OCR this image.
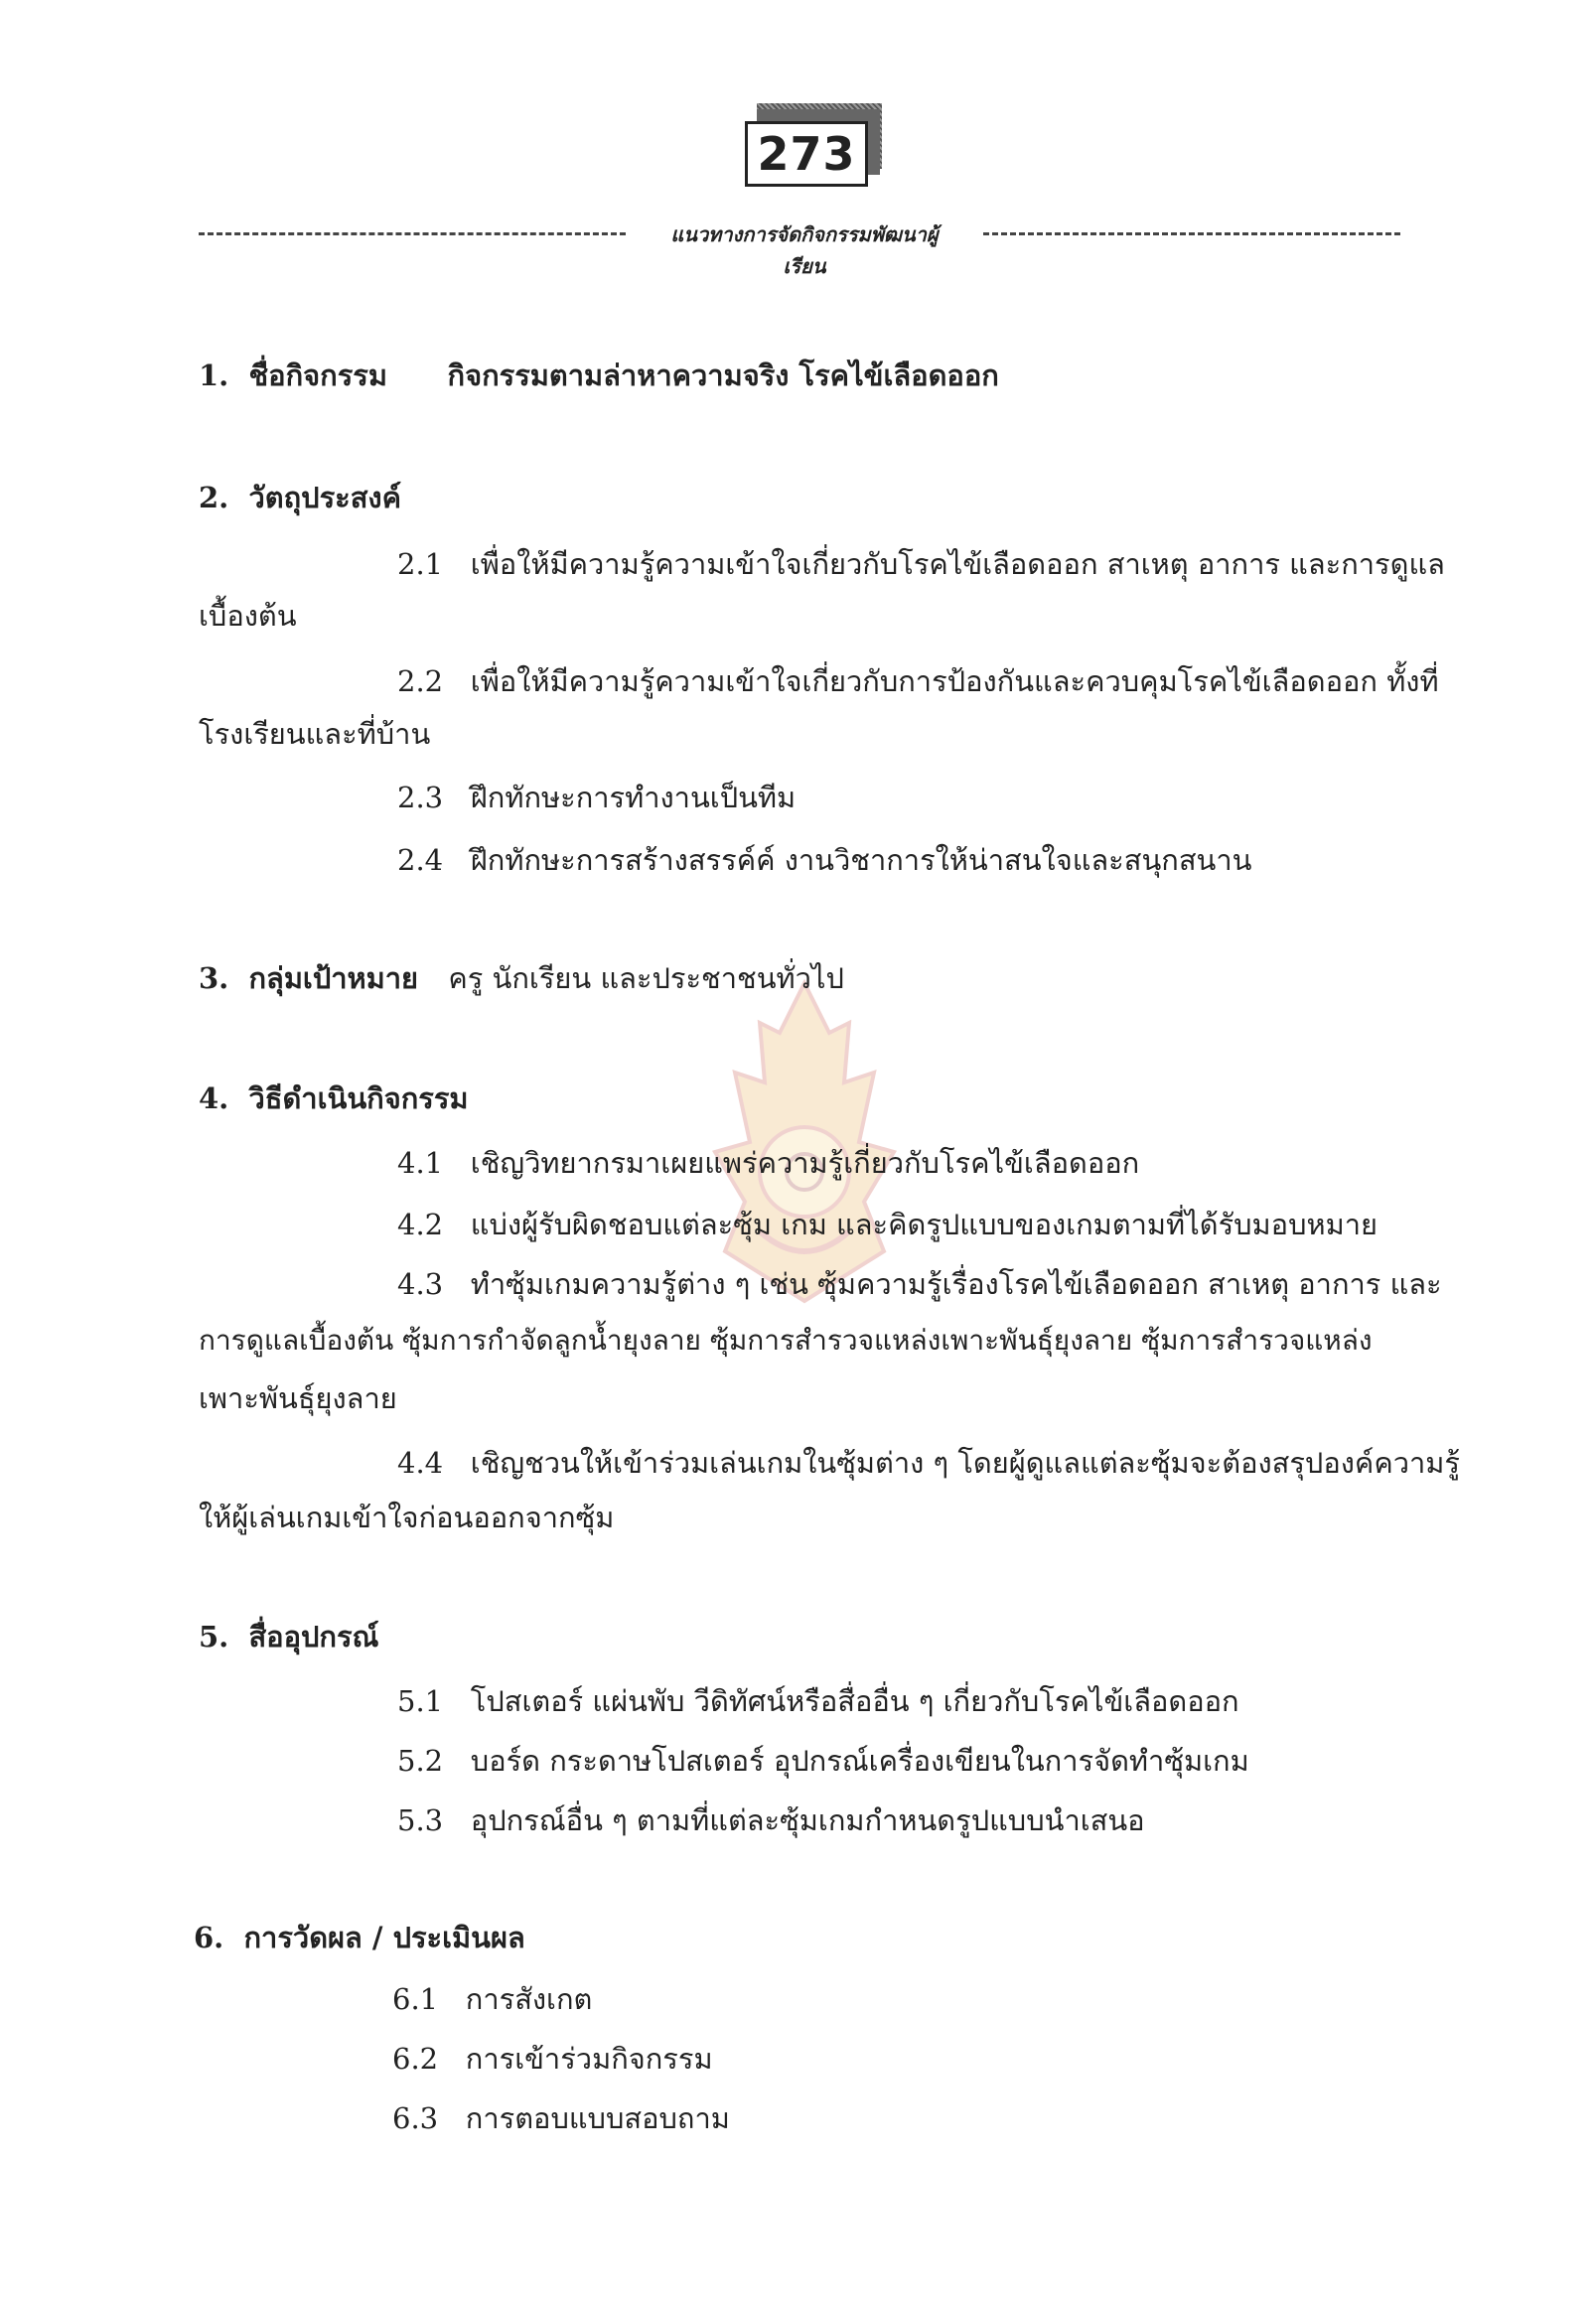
273
แนวทางการจัดกิจกรรมพัฒนาผู้เรียน
1. ชื่อกิจกรรม กิจกรรมตามล่าหาความจริง โรคไข้เลือดออก
2. วัตถุประสงค์
2.1 เพื่อให้มีความรู้ความเข้าใจเกี่ยวกับโรคไข้เลือดออก สาเหตุ อาการ และการดูแล
เบื้องต้น
2.2 เพื่อให้มีความรู้ความเข้าใจเกี่ยวกับการป้องกันและควบคุมโรคไข้เลือดออก ทั้งที่
โรงเรียนและที่บ้าน
2.3 ฝึกทักษะการทำงานเป็นทีม
2.4 ฝึกทักษะการสร้างสรรค์ค์ งานวิชาการให้น่าสนใจและสนุกสนาน
3. กลุ่มเป้าหมาย ครู นักเรียน และประชาชนทั่วไป
4. วิธีดำเนินกิจกรรม
4.1 เชิญวิทยากรมาเผยแพร่ความรู้เกี่ยวกับโรคไข้เลือดออก
4.2 แบ่งผู้รับผิดชอบแต่ละซุ้ม เกม และคิดรูปแบบของเกมตามที่ได้รับมอบหมาย
4.3 ทำซุ้มเกมความรู้ต่าง ๆ เช่น ซุ้มความรู้เรื่องโรคไข้เลือดออก สาเหตุ อาการ และ
การดูแลเบื้องต้น ซุ้มการกำจัดลูกน้ำยุงลาย ซุ้มการสำรวจแหล่งเพาะพันธุ์ยุงลาย ซุ้มการสำรวจแหล่ง
เพาะพันธุ์ยุงลาย
4.4 เชิญชวนให้เข้าร่วมเล่นเกมในซุ้มต่าง ๆ โดยผู้ดูแลแต่ละซุ้มจะต้องสรุปองค์ความรู้
ให้ผู้เล่นเกมเข้าใจก่อนออกจากซุ้ม
5. สื่ออุปกรณ์
5.1 โปสเตอร์ แผ่นพับ วีดิทัศน์หรือสื่ออื่น ๆ เกี่ยวกับโรคไข้เลือดออก
5.2 บอร์ด กระดาษโปสเตอร์ อุปกรณ์เครื่องเขียนในการจัดทำซุ้มเกม
5.3 อุปกรณ์อื่น ๆ ตามที่แต่ละซุ้มเกมกำหนดรูปแบบนำเสนอ
6. การวัดผล / ประเมินผล
6.1 การสังเกต
6.2 การเข้าร่วมกิจกรรม
6.3 การตอบแบบสอบถาม
